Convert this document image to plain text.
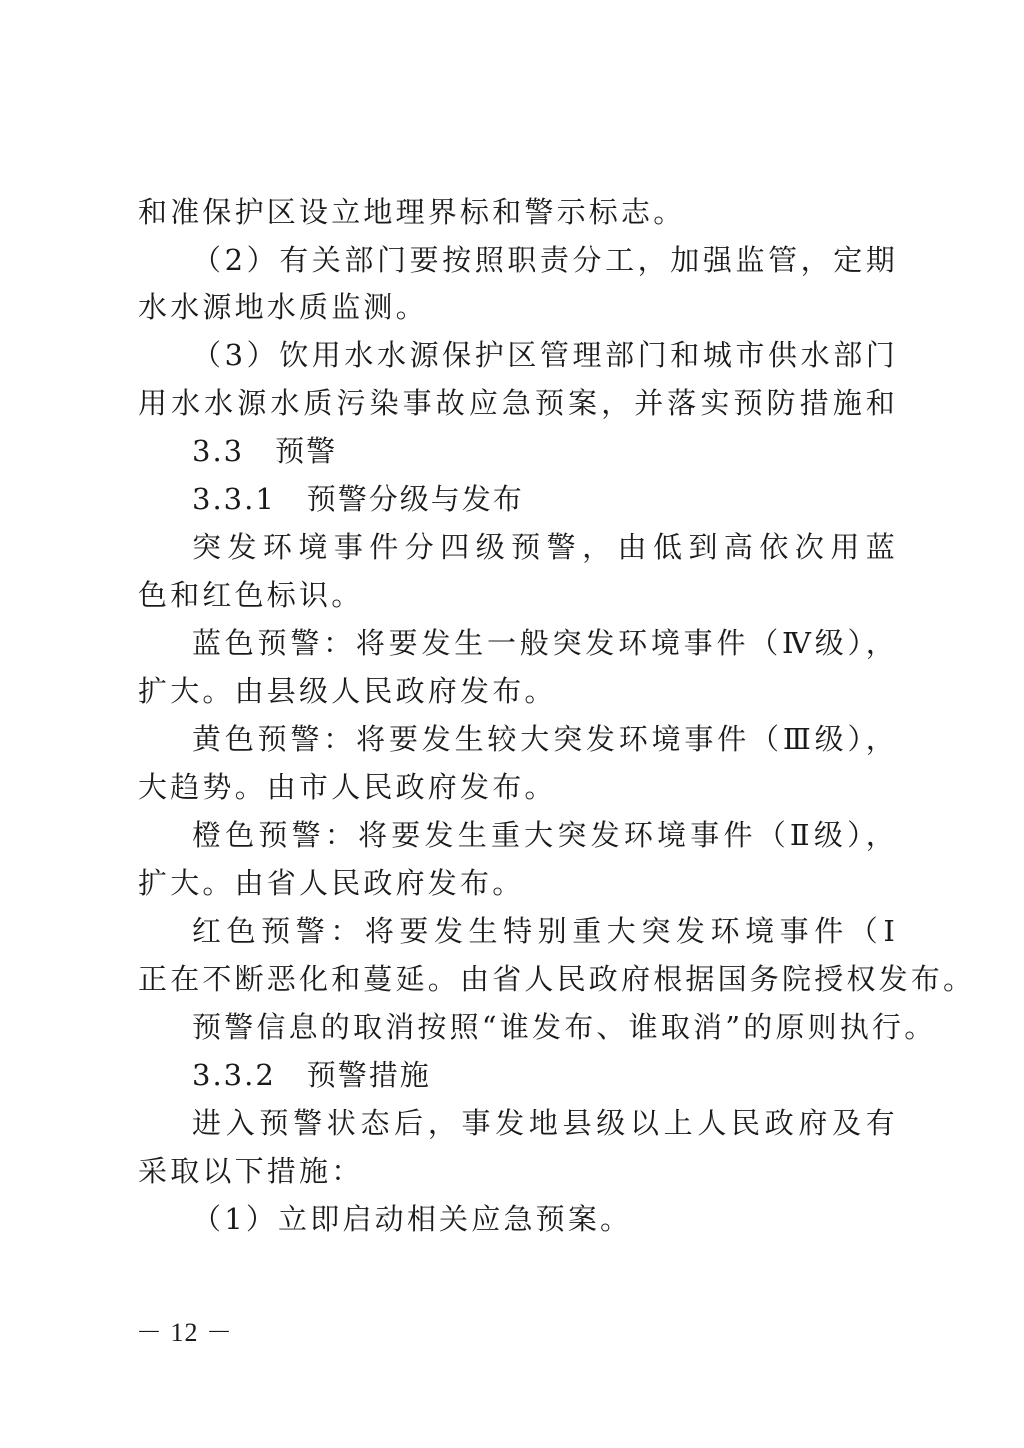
和准保护区设立地理界标和警示标志。
（2）有关部门要按照职责分工，加强监管，定期
水水源地水质监测。
（3）饮用水水源保护区管理部门和城市供水部门
用水水源水质污染事故应急预案，并落实预防措施和
3.3　预警
3.3.1　预警分级与发布
突发环境事件分四级预警，由低到高依次用蓝
色和红色标识。
蓝色预警：将要发生一般突发环境事件（Ⅳ级），
扩大。由县级人民政府发布。
黄色预警：将要发生较大突发环境事件（Ⅲ级），
大趋势。由市人民政府发布。
橙色预警：将要发生重大突发环境事件（Ⅱ级），
扩大。由省人民政府发布。
红色预警：将要发生特别重大突发环境事件（Ⅰ
正在不断恶化和蔓延。由省人民政府根据国务院授权发布。
预警信息的取消按照“谁发布、谁取消”的原则执行。
3.3.2　预警措施
进入预警状态后，事发地县级以上人民政府及有
采取以下措施：
（1）立即启动相关应急预案。
－ 12 －
